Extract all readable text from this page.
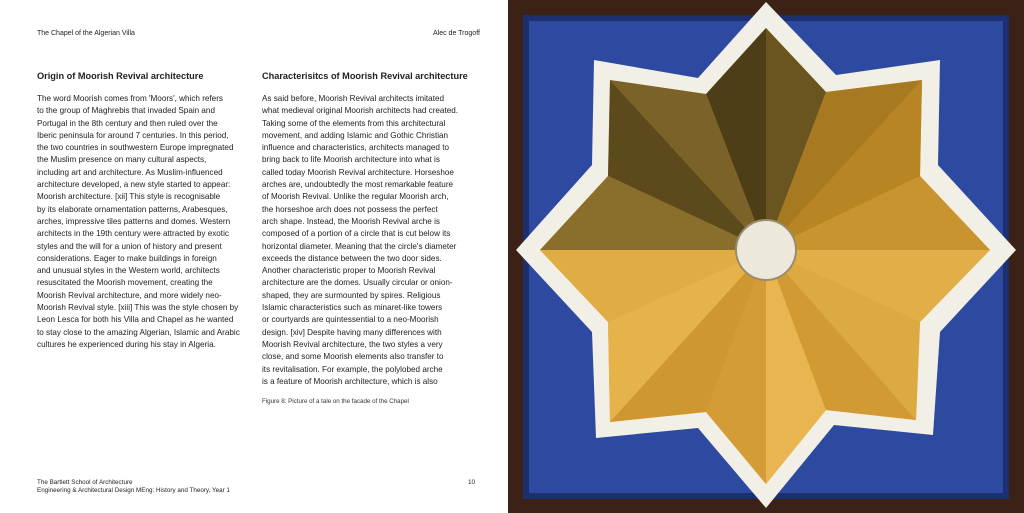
The Chapel of the Algerian Villa	Alec de Trogoff
Origin of Moorish Revival architecture
The word Moorish comes from 'Moors', which refers
to the group of Maghrebis that invaded Spain and
Portugal in the 8th century and then ruled over the
Iberic peninsula for around 7 centuries. In this period,
the two countries in southwestern Europe impregnated
the Muslim presence on many cultural aspects,
including art and architecture. As Muslim-influenced
architecture developed, a new style started to appear:
Moorish architecture. [xii] This style is recognisable
by its elaborate ornamentation patterns, Arabesques,
arches, impressive tiles patterns and domes. Western
architects in the 19th century were attracted by exotic
styles and the will for a union of history and present
considerations. Eager to make buildings in foreign
and unusual styles in the Western world, architects
resuscitated the Moorish movement, creating the
Moorish Revival architecture, and more widely neo-
Moorish Revival style. [xiii] This was the style chosen by
Leon Lesca for both his Villa and Chapel as he wanted
to stay close to the amazing Algerian, Islamic and Arabic
cultures he experienced during his stay in Algeria.
Characterisitcs of Moorish Revival architecture
As said before, Moorish Revival architects imitated
what medieval original Moorish architects had created.
Taking some of the elements from this architectural
movement, and adding Islamic and Gothic Christian
influence and characteristics, architects managed to
bring back to life Moorish architecture into what is
called today Moorish Revival architecture. Horseshoe
arches are, undoubtedly the most remarkable feature
of Moorish Revival. Unlike the regular Moorish arch,
the horseshoe arch does not possess the perfect
arch shape. Instead, the Moorish Revival arche is
composed of a portion of a circle that is cut below its
horizontal diameter. Meaning that the circle's diameter
exceeds the distance between the two door sides.
Another characteristic proper to Moorish Revival
architecture are the domes. Usually circular or onion-
shaped, they are surmounted by spires. Religious
Islamic characteristics such as minaret-like towers
or courtyards are quintessential to a neo-Moorish
design. [xiv] Despite having many differences with
Moorish Revival architecture, the two styles a very
close, and some Moorish elements also transfer to
its revitalisation. For example, the polylobed arche
is a feature of Moorish architecture, which is also
Figure 8: Picture of a tale on the facade of the Chapel
The Bartlett School of Architecture
Engineering & Architectural Design MEng: History and Theory, Year 1
10
